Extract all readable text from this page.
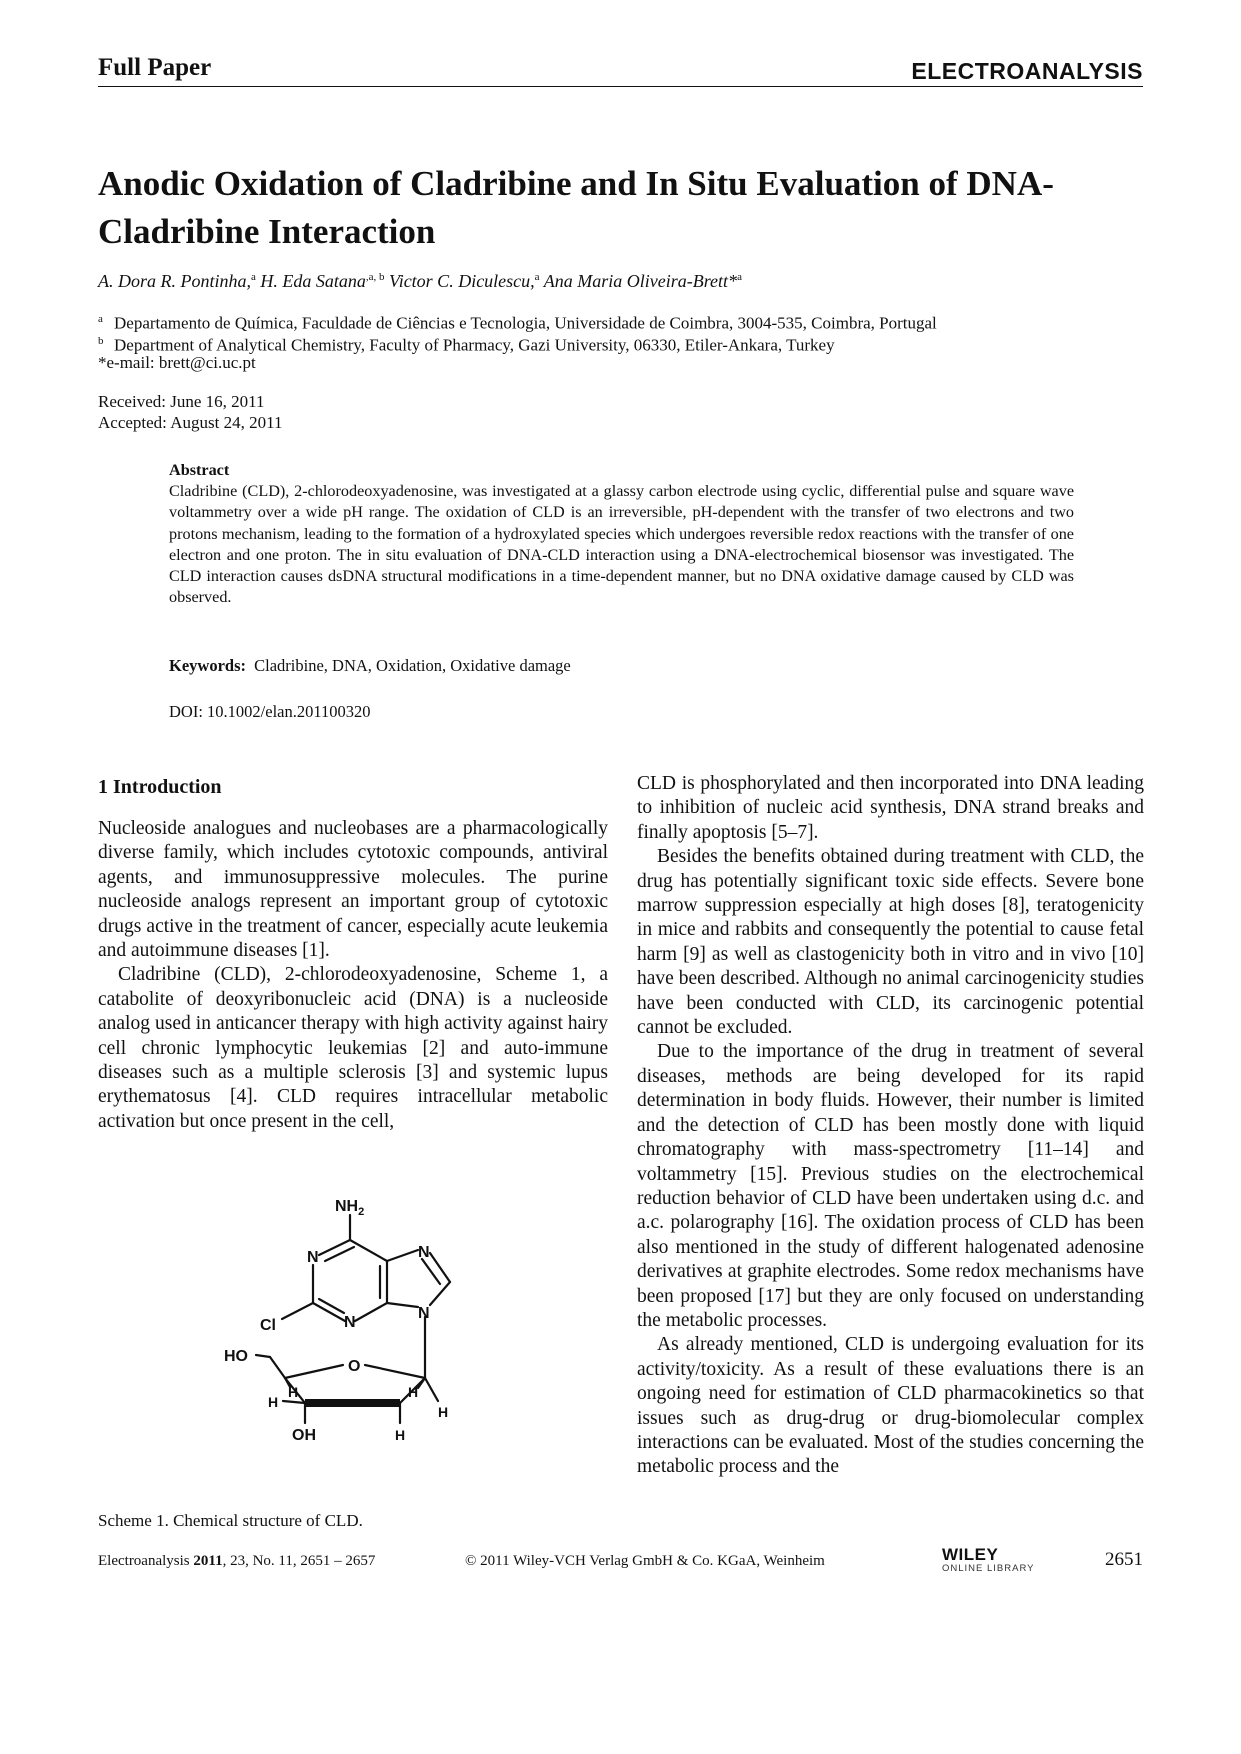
Full Paper	ELECTROANALYSIS
Anodic Oxidation of Cladribine and In Situ Evaluation of DNA-
Cladribine Interaction
A. Dora R. Pontinha,$^a$ H. Eda Satana$^{,a, b}$ Victor C. Diculescu,$^a$ Ana Maria Oliveira-Brett*$^a$
$^a$ Departamento de Química, Faculdade de Ciências e Tecnologia, Universidade de Coimbra, 3004-535, Coimbra, Portugal
$^b$ Department of Analytical Chemistry, Faculty of Pharmacy, Gazi University, 06330, Etiler-Ankara, Turkey
*e-mail: brett@ci.uc.pt
Received: June 16, 2011
Accepted: August 24, 2011
Abstract
Cladribine (CLD), 2-chlorodeoxyadenosine, was investigated at a glassy carbon electrode using cyclic, differential pulse and square wave voltammetry over a wide pH range. The oxidation of CLD is an irreversible, pH-dependent with the transfer of two electrons and two protons mechanism, leading to the formation of a hydroxylated species which undergoes reversible redox reactions with the transfer of one electron and one proton. The in situ evaluation of DNA-CLD interaction using a DNA-electrochemical biosensor was investigated. The CLD interaction causes dsDNA structural modifications in a time-dependent manner, but no DNA oxidative damage caused by CLD was observed.
Keywords: Cladribine, DNA, Oxidation, Oxidative damage
DOI: 10.1002/elan.201100320
1 Introduction

Nucleoside analogues and nucleobases are a pharmacologically diverse family, which includes cytotoxic compounds, antiviral agents, and immunosuppressive molecules. The purine nucleoside analogs represent an important group of cytotoxic drugs active in the treatment of cancer, especially acute leukemia and autoimmune diseases [1].

Cladribine (CLD), 2-chlorodeoxyadenosine, Scheme 1, a catabolite of deoxyribonucleic acid (DNA) is a nucleoside analog used in anticancer therapy with high activity against hairy cell chronic lymphocytic leukemias [2] and auto-immune diseases such as a multiple sclerosis [3] and systemic lupus erythematosus [4]. CLD requires intracellular metabolic activation but once present in the cell,

CLD is phosphorylated and then incorporated into DNA leading to inhibition of nucleic acid synthesis, DNA strand breaks and finally apoptosis [5–7].

Besides the benefits obtained during treatment with CLD, the drug has potentially significant toxic side effects. Severe bone marrow suppression especially at high doses [8], teratogenicity in mice and rabbits and consequently the potential to cause fetal harm [9] as well as clastogenicity both in vitro and in vivo [10] have been described. Although no animal carcinogenicity studies have been conducted with CLD, its carcinogenic potential cannot be excluded.

Due to the importance of the drug in treatment of several diseases, methods are being developed for its rapid determination in body fluids. However, their number is limited and the detection of CLD has been mostly done with liquid chromatography with mass-spectrometry [11–14] and voltammetry [15]. Previous studies on the electrochemical reduction behavior of CLD have been undertaken using d.c. and a.c. polarography [16]. The oxidation process of CLD has been also mentioned in the study of different halogenated adenosine derivatives at graphite electrodes. Some redox mechanisms have been proposed [17] but they are only focused on understanding the metabolic processes.

As already mentioned, CLD is undergoing evaluation for its activity/toxicity. As a result of these evaluations there is an ongoing need for estimation of CLD pharmacokinetics so that issues such as drug-drug or drug-biomolecular complex interactions can be evaluated. Most of the studies concerning the metabolic process and the

$NH_2$
N
N
N
N
Cl
HO
O
H	H
H
H
OH	H
Scheme 1. Chemical structure of CLD.
Electroanalysis 2011, 23, No. 11, 2651 – 2657	© 2011 Wiley-VCH Verlag GmbH & Co. KGaA, Weinheim	WILEY
ONLINE LIBRARY	2651
